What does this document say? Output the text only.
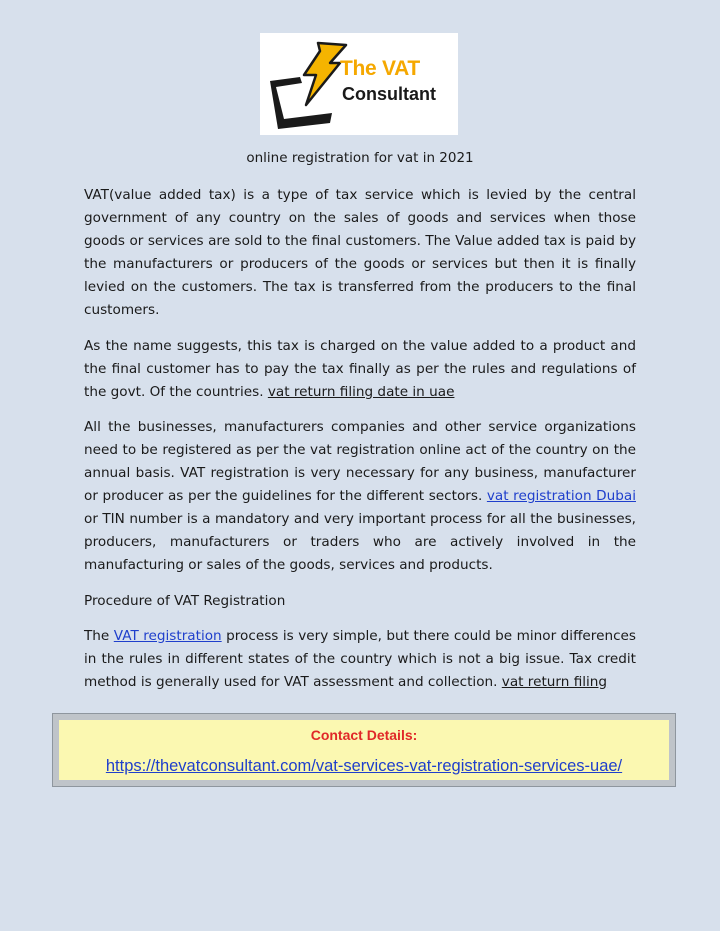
The VAT
Consultant
online registration for vat in 2021

VAT(value added tax) is a type of tax service which is levied by the central government of any country on the sales of goods and services when those goods or services are sold to the final customers. The Value added tax is paid by the manufacturers or producers of the goods or services but then it is finally levied on the customers. The tax is transferred from the producers to the final customers.

As the name suggests, this tax is charged on the value added to a product and the final customer has to pay the tax finally as per the rules and regulations of the govt. Of the countries. vat return filing date in uae

All the businesses, manufacturers companies and other service organizations need to be registered as per the vat registration online act of the country on the annual basis. VAT registration is very necessary for any business, manufacturer or producer as per the guidelines for the different sectors. vat registration Dubai or TIN number is a mandatory and very important process for all the businesses, producers, manufacturers or traders who are actively involved in the manufacturing or sales of the goods, services and products.

Procedure of VAT Registration

The VAT registration process is very simple, but there could be minor differences in the rules in different states of the country which is not a big issue. Tax credit method is generally used for VAT assessment and collection. vat return filing

Contact Details:
https://thevatconsultant.com/vat-services-vat-registration-services-uae/
